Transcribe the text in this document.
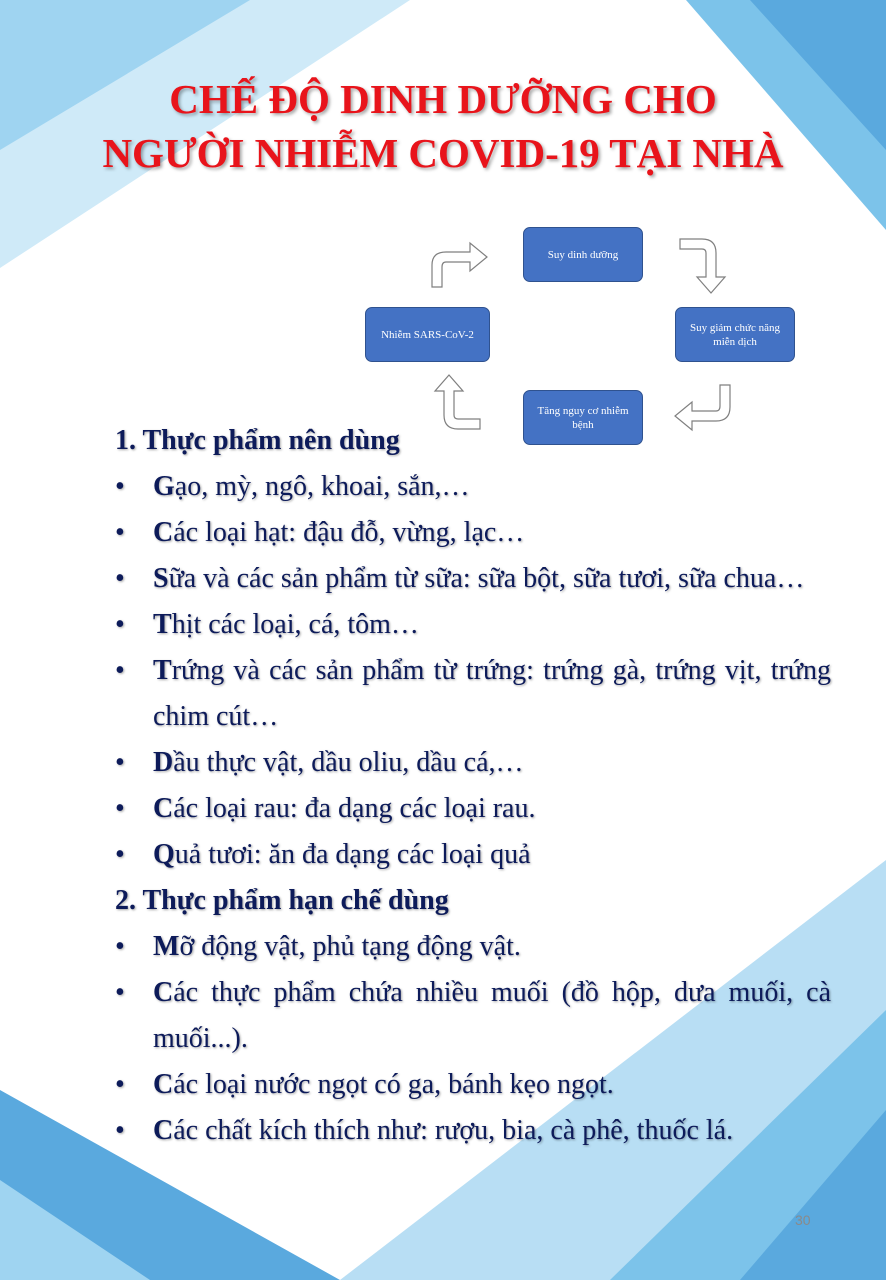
CHẾ ĐỘ DINH DƯỠNG CHO
NGƯỜI NHIỄM COVID-19 TẠI NHÀ
Suy dinh dưỡng
Suy giảm chức năng miễn dịch
Tăng nguy cơ nhiễm bệnh
Nhiễm SARS-CoV-2
1. Thực phẩm nên dùng
• Gạo, mỳ, ngô, khoai, sắn,…
• Các loại hạt: đậu đỗ, vừng, lạc…
• Sữa và các sản phẩm từ sữa: sữa bột, sữa tươi, sữa chua…
• Thịt các loại, cá, tôm…
• Trứng và các sản phẩm từ trứng: trứng gà, trứng vịt, trứng chim cút…
• Dầu thực vật, dầu oliu, dầu cá,…
• Các loại rau: đa dạng các loại rau.
• Quả tươi: ăn đa dạng các loại quả
2. Thực phẩm hạn chế dùng
• Mỡ động vật, phủ tạng động vật.
• Các thực phẩm chứa nhiều muối (đồ hộp, dưa muối, cà muối...).
• Các loại nước ngọt có ga, bánh kẹo ngọt.
• Các chất kích thích như: rượu, bia, cà phê, thuốc lá.
30
